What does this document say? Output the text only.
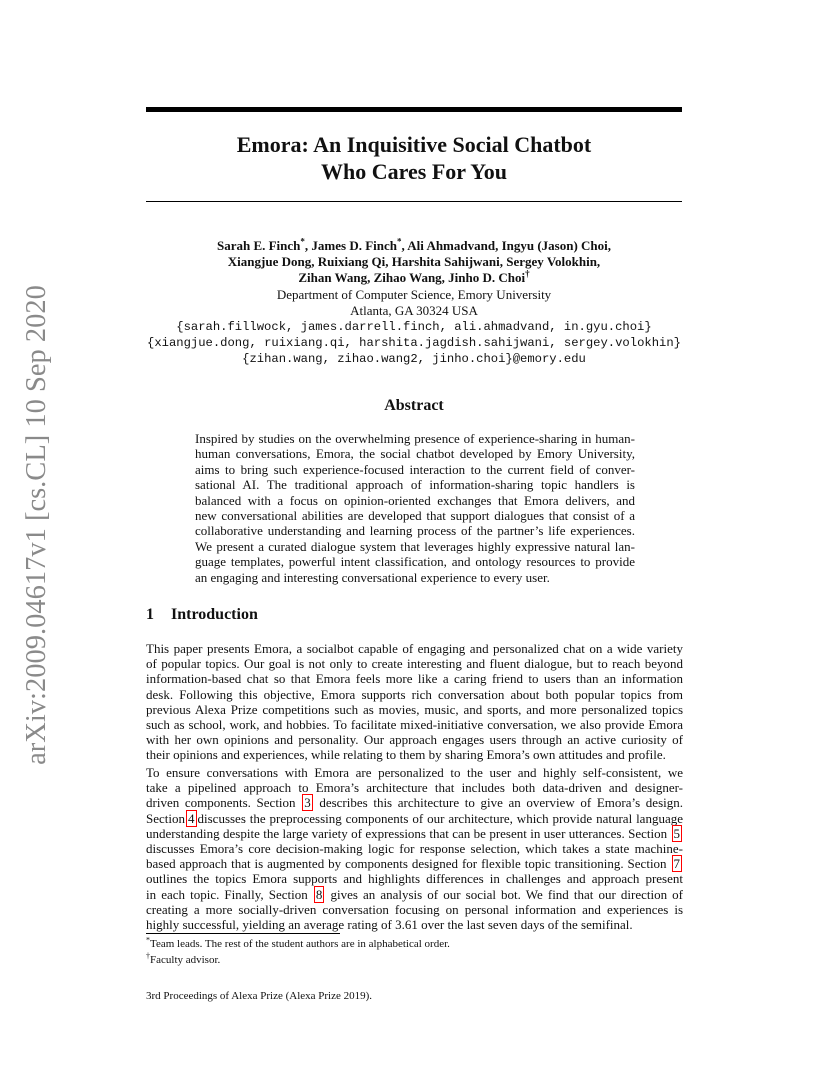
arXiv:2009.04617v1 [cs.CL] 10 Sep 2020
Emora: An Inquisitive Social Chatbot
Who Cares For You
Sarah E. Finch*, James D. Finch*, Ali Ahmadvand, Ingyu (Jason) Choi,
Xiangjue Dong, Ruixiang Qi, Harshita Sahijwani, Sergey Volokhin,
Zihan Wang, Zihao Wang, Jinho D. Choi†
Department of Computer Science, Emory University
Atlanta, GA 30324 USA
{sarah.fillwock, james.darrell.finch, ali.ahmadvand, in.gyu.choi}
{xiangjue.dong, ruixiang.qi, harshita.jagdish.sahijwani, sergey.volokhin}
{zihan.wang, zihao.wang2, jinho.choi}@emory.edu
Abstract
Inspired by studies on the overwhelming presence of experience-sharing in human-
human conversations, Emora, the social chatbot developed by Emory University,
aims to bring such experience-focused interaction to the current field of conver-
sational AI. The traditional approach of information-sharing topic handlers is
balanced with a focus on opinion-oriented exchanges that Emora delivers, and
new conversational abilities are developed that support dialogues that consist of a
collaborative understanding and learning process of the partner’s life experiences.
We present a curated dialogue system that leverages highly expressive natural lan-
guage templates, powerful intent classification, and ontology resources to provide
an engaging and interesting conversational experience to every user.
1 Introduction
This paper presents Emora, a socialbot capable of engaging and personalized chat on a wide variety
of popular topics. Our goal is not only to create interesting and fluent dialogue, but to reach beyond
information-based chat so that Emora feels more like a caring friend to users than an information
desk. Following this objective, Emora supports rich conversation about both popular topics from
previous Alexa Prize competitions such as movies, music, and sports, and more personalized topics
such as school, work, and hobbies. To facilitate mixed-initiative conversation, we also provide Emora
with her own opinions and personality. Our approach engages users through an active curiosity of
their opinions and experiences, while relating to them by sharing Emora’s own attitudes and profile.
To ensure conversations with Emora are personalized to the user and highly self-consistent, we
take a pipelined approach to Emora’s architecture that includes both data-driven and designer-
driven components. Section 3 describes this architecture to give an overview of Emora’s design.
Section 4 discusses the preprocessing components of our architecture, which provide natural language
understanding despite the large variety of expressions that can be present in user utterances. Section 5
discusses Emora’s core decision-making logic for response selection, which takes a state machine-
based approach that is augmented by components designed for flexible topic transitioning. Section 7
outlines the topics Emora supports and highlights differences in challenges and approach present
in each topic. Finally, Section 8 gives an analysis of our social bot. We find that our direction of
creating a more socially-driven conversation focusing on personal information and experiences is
highly successful, yielding an average rating of 3.61 over the last seven days of the semifinal.
*Team leads. The rest of the student authors are in alphabetical order.
†Faculty advisor.
3rd Proceedings of Alexa Prize (Alexa Prize 2019).
